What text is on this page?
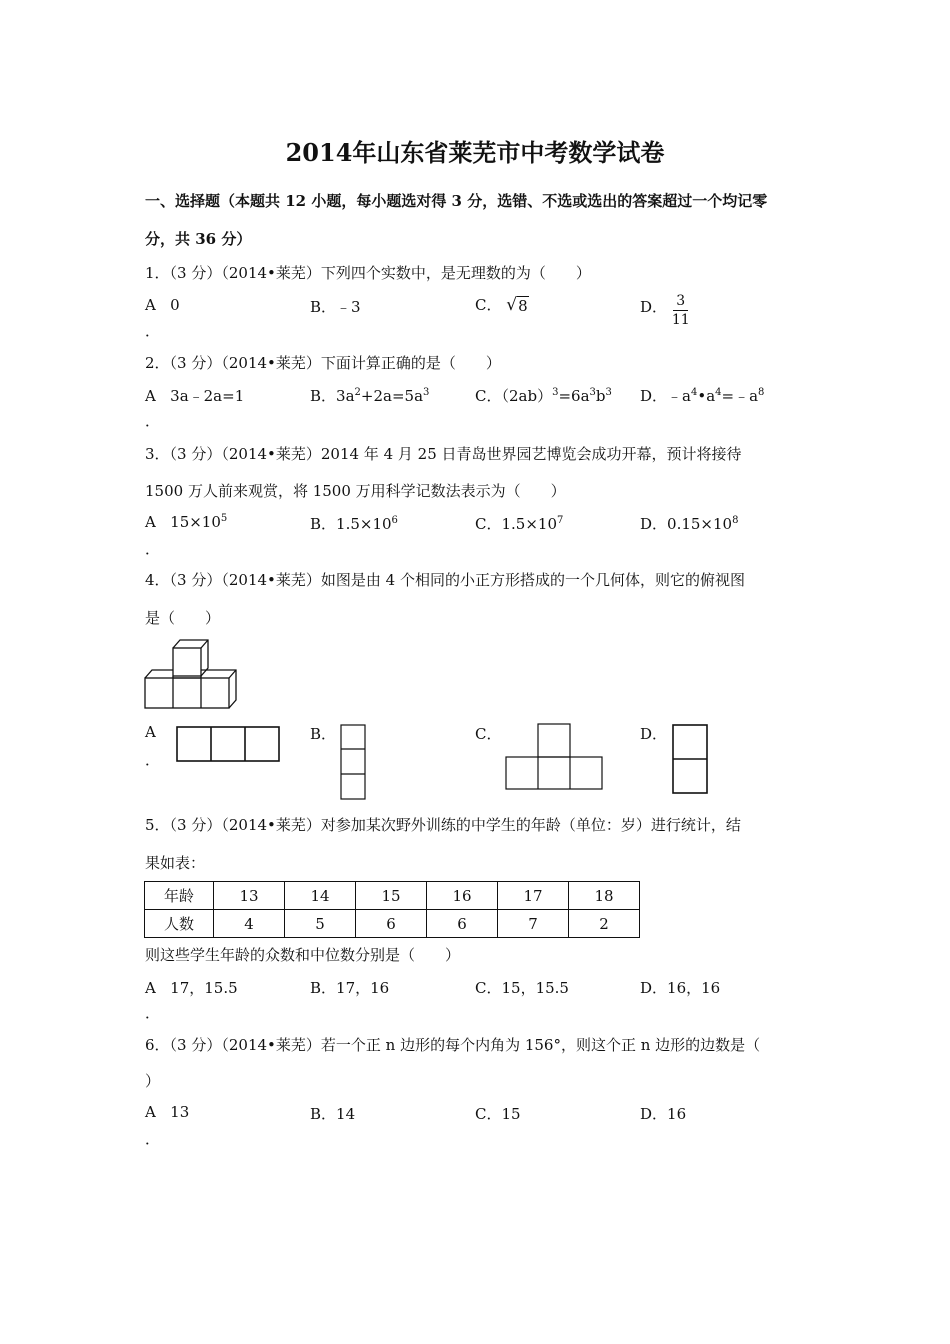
2014年山东省莱芜市中考数学试卷
一、选择题（本题共 12 小题，每小题选对得 3 分，选错、不选或选出的答案超过一个均记零
分，共 36 分）
1．（3 分）（2014•莱芜）下列四个实数中，是无理数的为（　　）
A 0
．
B．﹣3	C． √ 8	D． $\frac{3}{11}$
2．（3 分）（2014•莱芜）下面计算正确的是（　　）
A 3a﹣2a=1
．
B．$3a^2+2a=5a^3$	C．$(2ab)^3=6a^3b^3$ D．$﹣a^4•a^4=﹣a^8$
3．（3 分）（2014•莱芜）2014 年 4 月 25 日青岛世界园艺博览会成功开幕，预计将接待
1500 万人前来观赏，将 1500 万用科学记数法表示为（　　）
A   $15\times 10^5$
．
B．$1.5\times 10^6$	C．$1.5\times 10^7$	D．$0.15\times 10^8$
4．（3 分）（2014•莱芜）如图是由 4 个相同的小正方形搭成的一个几何体，则它的俯视图
是（　　）
A
．
B．	C．	D．
5．（3 分）（2014•莱芜）对参加某次野外训练的中学生的年龄（单位：岁）进行统计，结
果如表：
年龄	13	14	15	16	17	18
人数	4	5	6	6	7	2
则这些学生年龄的众数和中位数分别是（　　）
A 17，15.5
．
B．17，16	C．15，15.5	D．16，16
6．（3 分）（2014•莱芜）若一个正 n 边形的每个内角为 156°，则这个正 n 边形的边数是（
）
A 13
．
B．14	C．15	D．16
